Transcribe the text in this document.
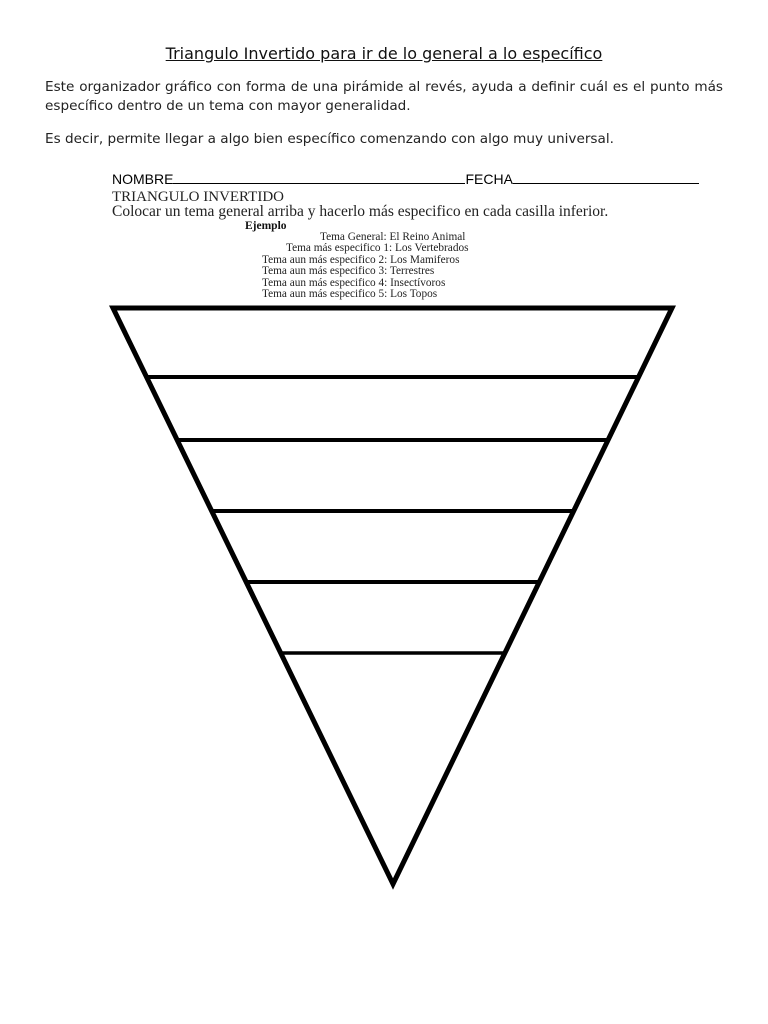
Triangulo Invertido para ir de lo general a lo específico
Este organizador gráfico con forma de una pirámide al revés, ayuda a definir cuál es el punto más específico dentro de un tema con mayor generalidad.
Es decir, permite llegar a algo bien específico comenzando con algo muy universal.
NOMBRE	FECHA
TRIANGULO INVERTIDO
Colocar un tema general arriba y hacerlo más especifico en cada casilla inferior.
Ejemplo
Tema General: El Reino Animal
Tema más especifico 1: Los Vertebrados
Tema aun más especifico 2: Los Mamiferos
Tema aun más especifico 3: Terrestres
Tema aun más especifico 4: Insectívoros
Tema aun más especifico 5: Los Topos
